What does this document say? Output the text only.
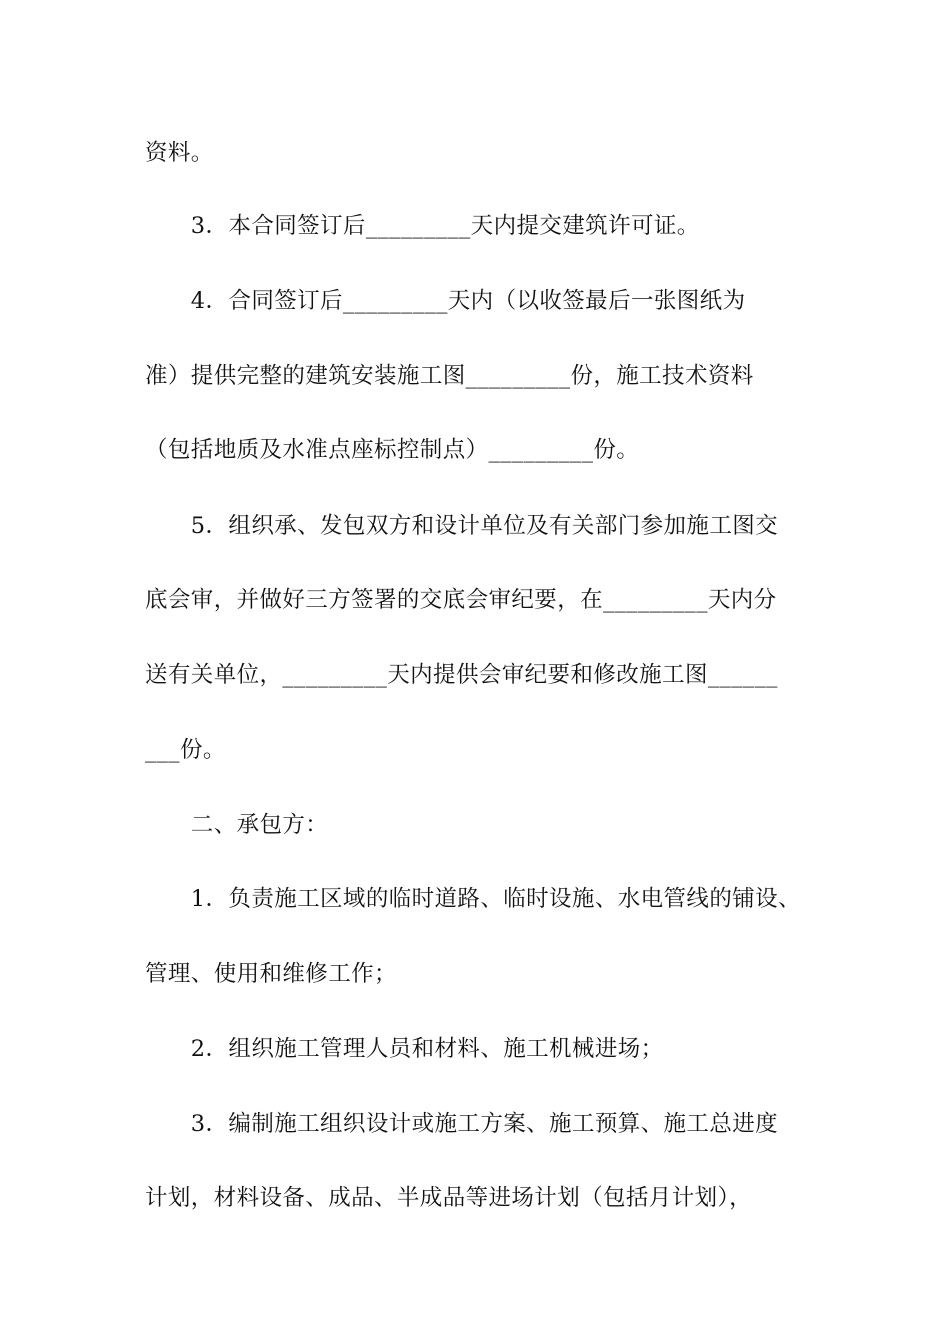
资料。
　　3．本合同签订后_________天内提交建筑许可证。
　　4．合同签订后_________天内（以收签最后一张图纸为
准）提供完整的建筑安装施工图_________份，施工技术资料
（包括地质及水准点座标控制点）_________份。
　　5．组织承、发包双方和设计单位及有关部门参加施工图交
底会审，并做好三方签署的交底会审纪要，在_________天内分
送有关单位，_________天内提供会审纪要和修改施工图______
___份。
　　二、承包方：
　　1．负责施工区域的临时道路、临时设施、水电管线的铺设、
管理、使用和维修工作；
　　2．组织施工管理人员和材料、施工机械进场；
　　3．编制施工组织设计或施工方案、施工预算、施工总进度
计划，材料设备、成品、半成品等进场计划（包括月计划），
